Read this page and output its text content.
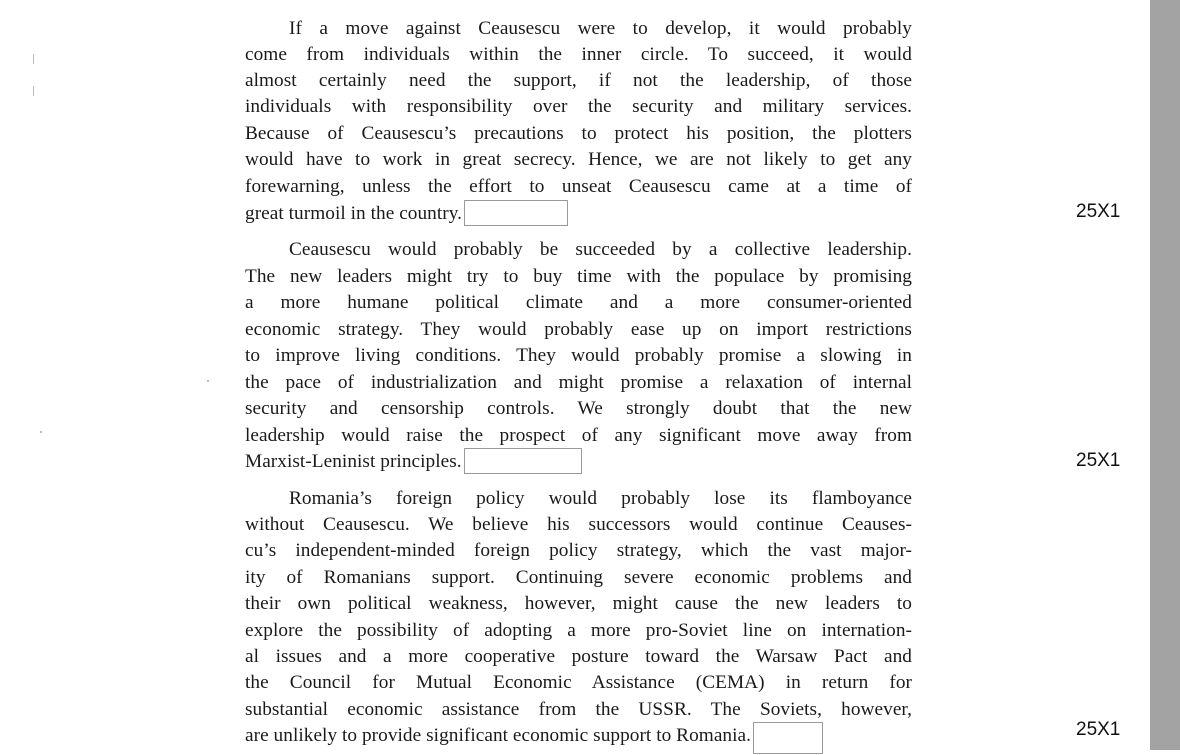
If a move against Ceausescu were to develop, it would probably
come from individuals within the inner circle. To succeed, it would
almost certainly need the support, if not the leadership, of those
individuals with responsibility over the security and military services.
Because of Ceausescu’s precautions to protect his position, the plotters
would have to work in great secrecy. Hence, we are not likely to get any
forewarning, unless the effort to unseat Ceausescu came at a time of
great turmoil in the country.	25X1
Ceausescu would probably be succeeded by a collective leadership.
The new leaders might try to buy time with the populace by promising
a more humane political climate and a more consumer-oriented
economic strategy. They would probably ease up on import restrictions
to improve living conditions. They would probably promise a slowing in
the pace of industrialization and might promise a relaxation of internal
security and censorship controls. We strongly doubt that the new
leadership would raise the prospect of any significant move away from
Marxist-Leninist principles.	25X1
Romania’s foreign policy would probably lose its flamboyance
without Ceausescu. We believe his successors would continue Ceauses-
cu’s independent-minded foreign policy strategy, which the vast major-
ity of Romanians support. Continuing severe economic problems and
their own political weakness, however, might cause the new leaders to
explore the possibility of adopting a more pro-Soviet line on internation-
al issues and a more cooperative posture toward the Warsaw Pact and
the Council for Mutual Economic Assistance (CEMA) in return for
substantial economic assistance from the USSR. The Soviets, however,
are unlikely to provide significant economic support to Romania.	25X1
